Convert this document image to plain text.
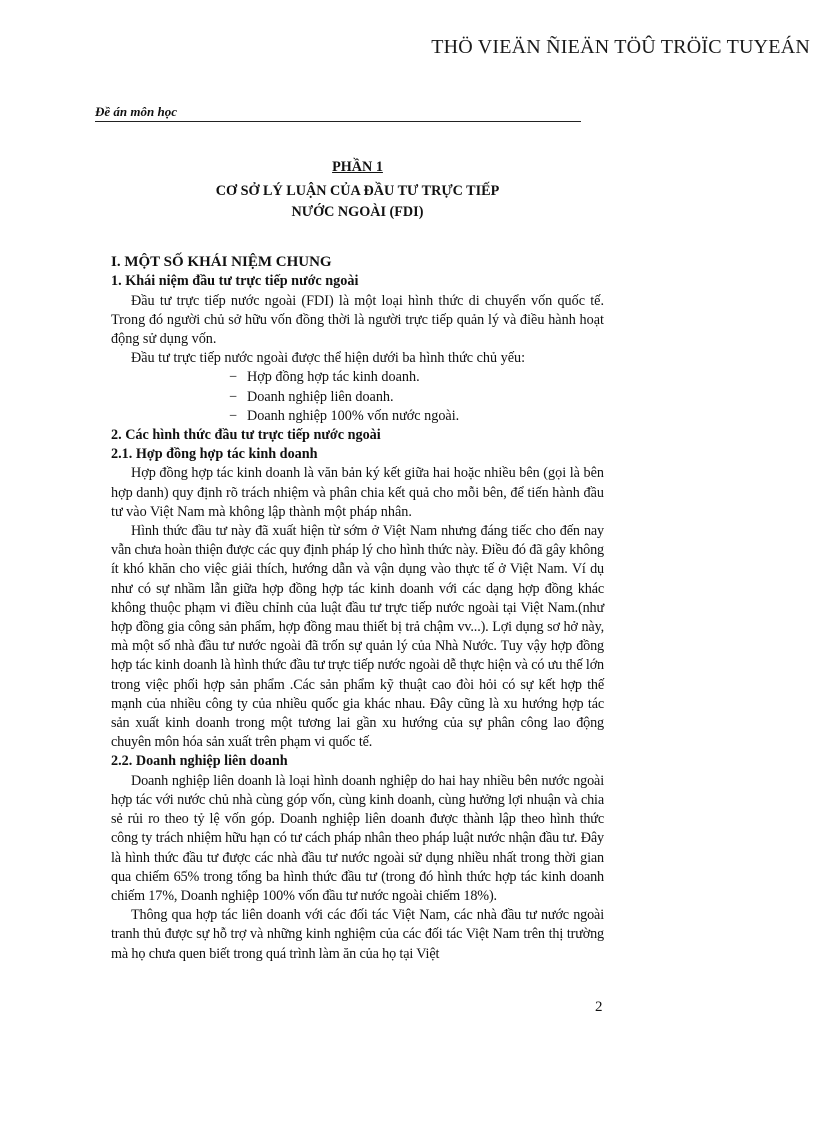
THÖ VIEÄN ÑIEÄN TÖÛ TRÖÏC TUYEÁN
Đề án môn học
PHẦN 1
CƠ SỞ LÝ LUẬN CỦA ĐẦU TƯ TRỰC TIẾP
NƯỚC NGOÀI (FDI)
I. MỘT SỐ KHÁI NIỆM CHUNG
1. Khái niệm đầu tư trực tiếp nước ngoài

Đầu tư trực tiếp nước ngoài (FDI) là một loại hình thức di chuyển vốn quốc tế. Trong đó người chủ sở hữu vốn đồng thời là người trực tiếp quản lý và điều hành hoạt động sử dụng vốn.

Đầu tư trực tiếp nước ngoài được thể hiện dưới ba hình thức chủ yếu:

− Hợp đồng hợp tác kinh doanh.
− Doanh nghiệp liên doanh.
− Doanh nghiệp 100% vốn nước ngoài.
2. Các hình thức đầu tư trực tiếp nước ngoài
2.1. Hợp đồng hợp tác kinh doanh

Hợp đồng hợp tác kinh doanh là văn bản ký kết giữa hai hoặc nhiều bên (gọi là bên hợp danh) quy định rõ trách nhiệm và phân chia kết quả cho mỗi bên, để tiến hành đầu tư vào Việt Nam mà không lập thành một pháp nhân.

Hình thức đầu tư này đã xuất hiện từ sớm ở Việt Nam nhưng đáng tiếc cho đến nay vẫn chưa hoàn thiện được các quy định pháp lý cho hình thức này. Điều đó đã gây không ít khó khăn cho việc giải thích, hướng dẫn và vận dụng vào thực tế ở Việt Nam. Ví dụ như có sự nhầm lẫn giữa hợp đồng hợp tác kinh doanh với các dạng hợp đồng khác không thuộc phạm vi điều chỉnh của luật đầu tư trực tiếp nước ngoài tại Việt Nam.(như hợp đồng gia công sản phẩm, hợp đồng mau thiết bị trả chậm vv...). Lợi dụng sơ hở này, mà một số nhà đầu tư nước ngoài đã trốn sự quản lý của Nhà Nước. Tuy vậy hợp đồng hợp tác kinh doanh là hình thức đầu tư trực tiếp nước ngoài dễ thực hiện và có ưu thế lớn trong việc phối hợp sản phẩm .Các sản phẩm kỹ thuật cao đòi hỏi có sự kết hợp thế mạnh của nhiều công ty của nhiều quốc gia khác nhau. Đây cũng là xu hướng hợp tác sản xuất kinh doanh trong một tương lai gần xu hướng của sự phân công lao động chuyên môn hóa sản xuất trên phạm vi quốc tế.

2.2. Doanh nghiệp liên doanh

Doanh nghiệp liên doanh là loại hình doanh nghiệp do hai hay nhiều bên nước ngoài hợp tác với nước chủ nhà cùng góp vốn, cùng kinh doanh, cùng hưởng lợi nhuận và chia sẻ rủi ro theo tỷ lệ vốn góp. Doanh nghiệp liên doanh được thành lập theo hình thức công ty trách nhiệm hữu hạn có tư cách pháp nhân theo pháp luật nước nhận đầu tư. Đây là hình thức đầu tư được các nhà đầu tư nước ngoài sử dụng nhiều nhất trong thời gian qua chiếm 65% trong tổng ba hình thức đầu tư (trong đó hình thức hợp tác kinh doanh chiếm 17%, Doanh nghiệp 100% vốn đầu tư nước ngoài chiếm 18%).

Thông qua hợp tác liên doanh với các đối tác Việt Nam, các nhà đầu tư nước ngoài tranh thủ được sự hỗ trợ và những kinh nghiệm của các đối tác Việt Nam trên thị trường mà họ chưa quen biết trong quá trình làm ăn của họ tại Việt

2
